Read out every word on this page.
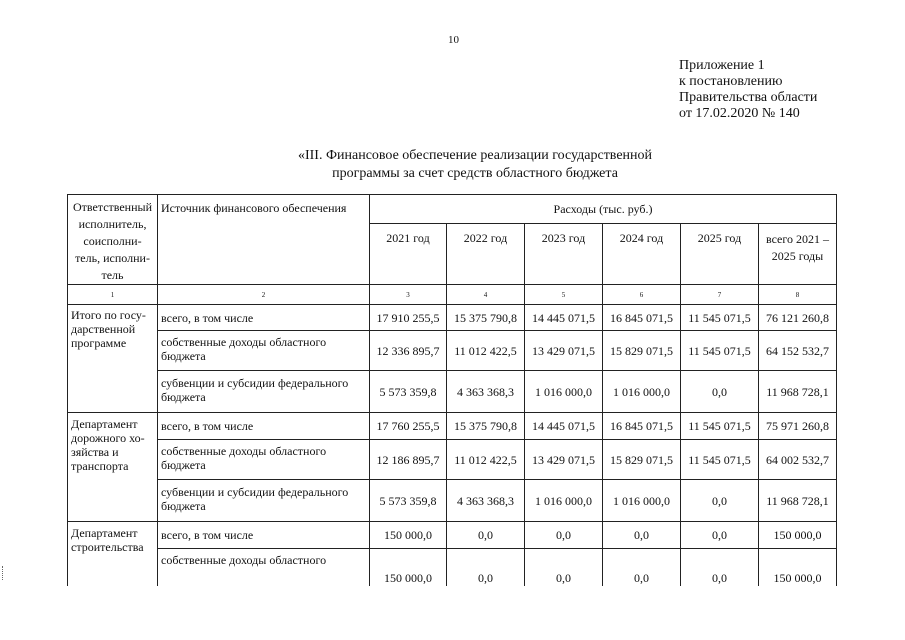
10
Приложение 1
к постановлению
Правительства области
от 17.02.2020 № 140
«III. Финансовое обеспечение реализации государственной
программы за счет средств областного бюджета
Ответственный исполнитель, соисполни-тель, исполни-тель	Источник финансового обеспечения	Расходы (тыс. руб.)					
		2021 год	2022 год	2023 год	2024 год	2025 год	всего 2021 – 2025 годы
1	2	3	4	5	6	7	8
Итого по госу-дарственной программе	всего, в том числе	17 910 255,5	15 375 790,8	14 445 071,5	16 845 071,5	11 545 071,5	76 121 260,8
	собственные доходы областного бюджета	12 336 895,7	11 012 422,5	13 429 071,5	15 829 071,5	11 545 071,5	64 152 532,7
	субвенции и субсидии федерального бюджета	5 573 359,8	4 363 368,3	1 016 000,0	1 016 000,0	0,0	11 968 728,1
Департамент дорожного хо-зяйства и транспорта	всего, в том числе	17 760 255,5	15 375 790,8	14 445 071,5	16 845 071,5	11 545 071,5	75 971 260,8
	собственные доходы областного бюджета	12 186 895,7	11 012 422,5	13 429 071,5	15 829 071,5	11 545 071,5	64 002 532,7
	субвенции и субсидии федерального бюджета	5 573 359,8	4 363 368,3	1 016 000,0	1 016 000,0	0,0	11 968 728,1
Департамент строительства	всего, в том числе	150 000,0	0,0	0,0	0,0	0,0	150 000,0
	собственные доходы областного	150 000,0	0,0	0,0	0,0	0,0	150 000,0
